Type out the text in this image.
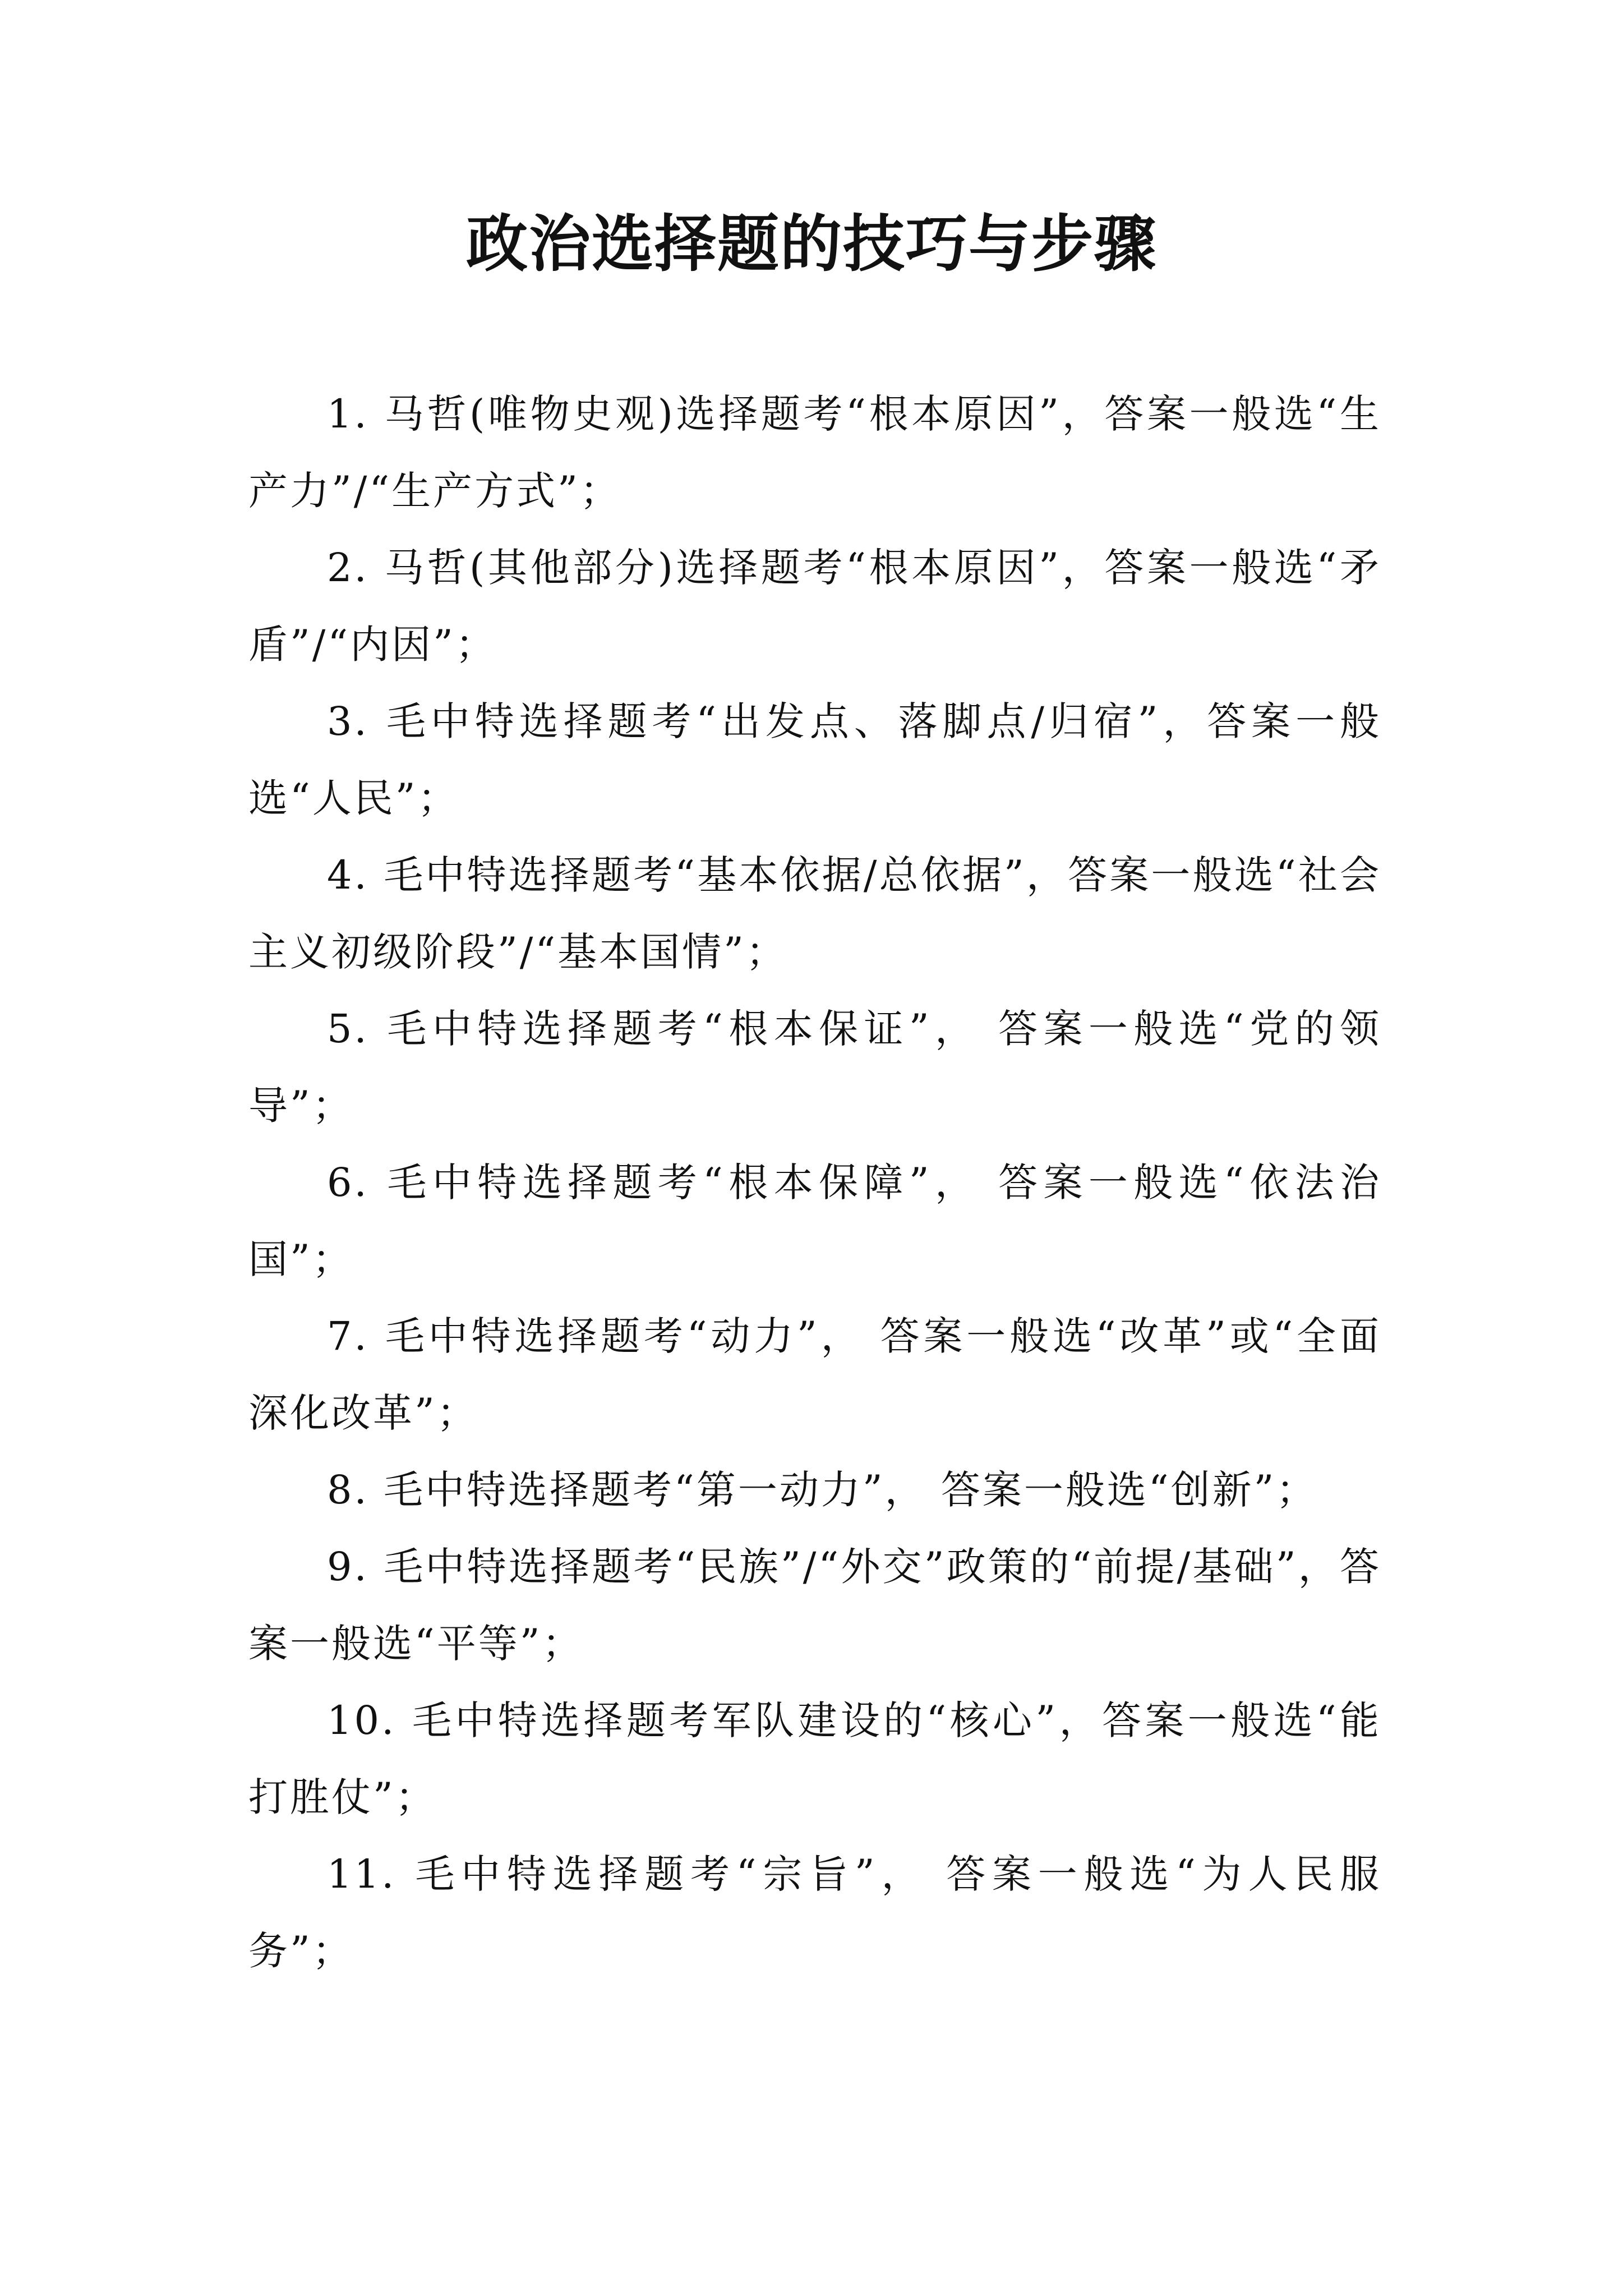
政治选择题的技巧与步骤

1. 马哲(唯物史观)选择题考“根本原因”，答案一般选“生产力”/“生产方式”；

2. 马哲(其他部分)选择题考“根本原因”，答案一般选“矛盾”/“内因”；

3. 毛中特选择题考“出发点、落脚点/归宿”，答案一般选“人民”；

4. 毛中特选择题考“基本依据/总依据”，答案一般选“社会主义初级阶段”/“基本国情”；

5. 毛中特选择题考“根本保证”， 答案一般选“党的领导”；

6. 毛中特选择题考“根本保障”， 答案一般选“依法治国”；

7. 毛中特选择题考“动力”， 答案一般选“改革”或“全面深化改革”；

8. 毛中特选择题考“第一动力”， 答案一般选“创新”；

9. 毛中特选择题考“民族”/“外交”政策的“前提/基础”，答案一般选“平等”；

10. 毛中特选择题考军队建设的“核心”，答案一般选“能打胜仗”；

11. 毛中特选择题考“宗旨”， 答案一般选“为人民服务”；
